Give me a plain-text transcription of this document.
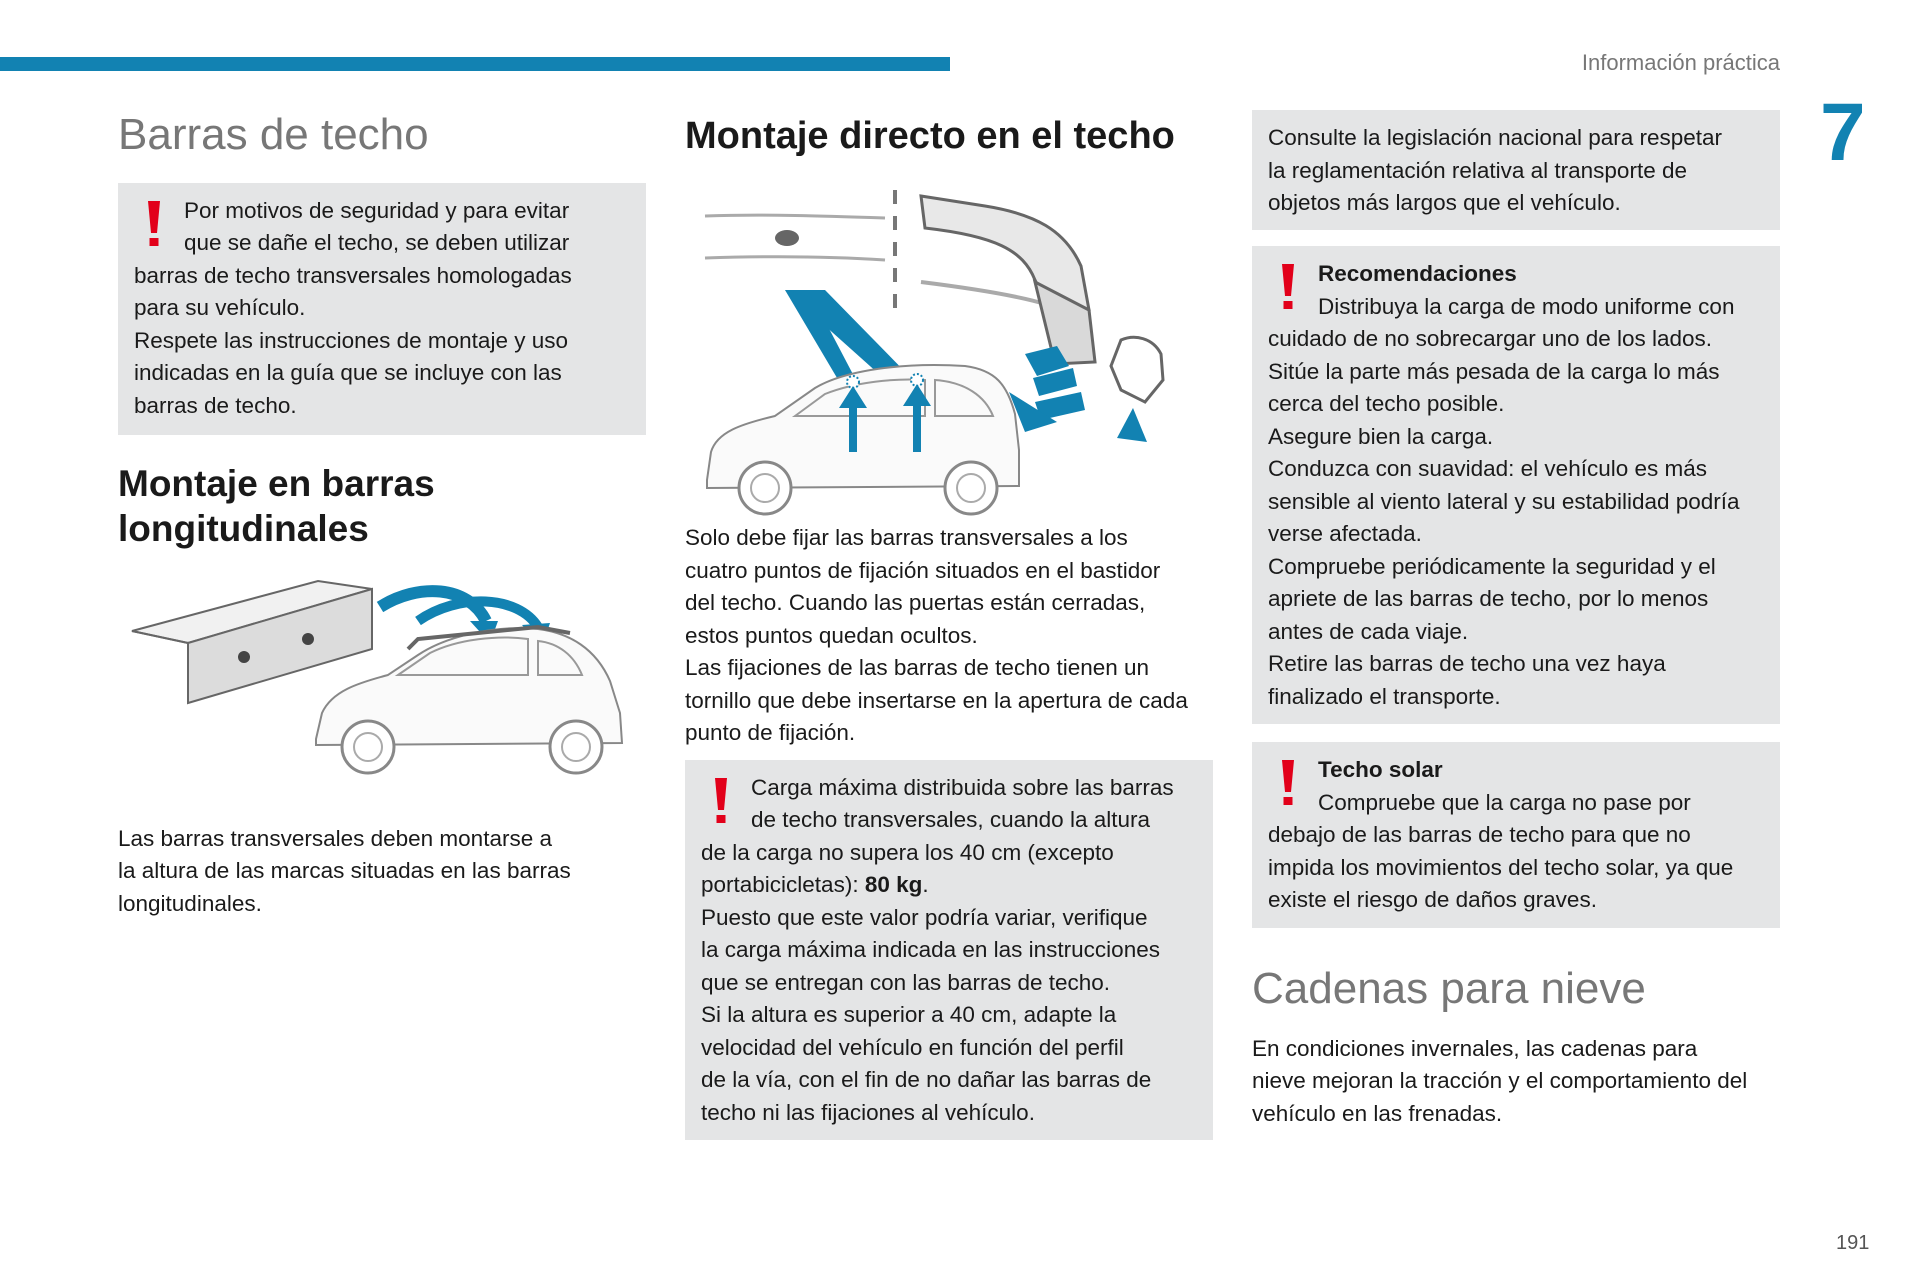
Información práctica
7
Barras de techo

Por motivos de seguridad y para evitar
que se dañe el techo, se deben utilizar
barras de techo transversales homologadas
para su vehículo.
Respete las instrucciones de montaje y uso
indicadas en la guía que se incluye con las
barras de techo.

Montaje en barras
longitudinales

Las barras transversales deben montarse a
la altura de las marcas situadas en las barras
longitudinales.

Montaje directo en el techo

Solo debe fijar las barras transversales a los
cuatro puntos de fijación situados en el bastidor
del techo. Cuando las puertas están cerradas,
estos puntos quedan ocultos.
Las fijaciones de las barras de techo tienen un
tornillo que debe insertarse en la apertura de cada
punto de fijación.

Carga máxima distribuida sobre las barras
de techo transversales, cuando la altura
de la carga no supera los 40 cm (excepto
portabicicletas): 80 kg.
Puesto que este valor podría variar, verifique
la carga máxima indicada en las instrucciones
que se entregan con las barras de techo.
Si la altura es superior a 40 cm, adapte la
velocidad del vehículo en función del perfil
de la vía, con el fin de no dañar las barras de
techo ni las fijaciones al vehículo.

Consulte la legislación nacional para respetar
la reglamentación relativa al transporte de
objetos más largos que el vehículo.

Recomendaciones
Distribuya la carga de modo uniforme con
cuidado de no sobrecargar uno de los lados.
Sitúe la parte más pesada de la carga lo más
cerca del techo posible.
Asegure bien la carga.
Conduzca con suavidad: el vehículo es más
sensible al viento lateral y su estabilidad podría
verse afectada.
Compruebe periódicamente la seguridad y el
apriete de las barras de techo, por lo menos
antes de cada viaje.
Retire las barras de techo una vez haya
finalizado el transporte.

Techo solar
Compruebe que la carga no pase por
debajo de las barras de techo para que no
impida los movimientos del techo solar, ya que
existe el riesgo de daños graves.

Cadenas para nieve

En condiciones invernales, las cadenas para
nieve mejoran la tracción y el comportamiento del
vehículo en las frenadas.

191
